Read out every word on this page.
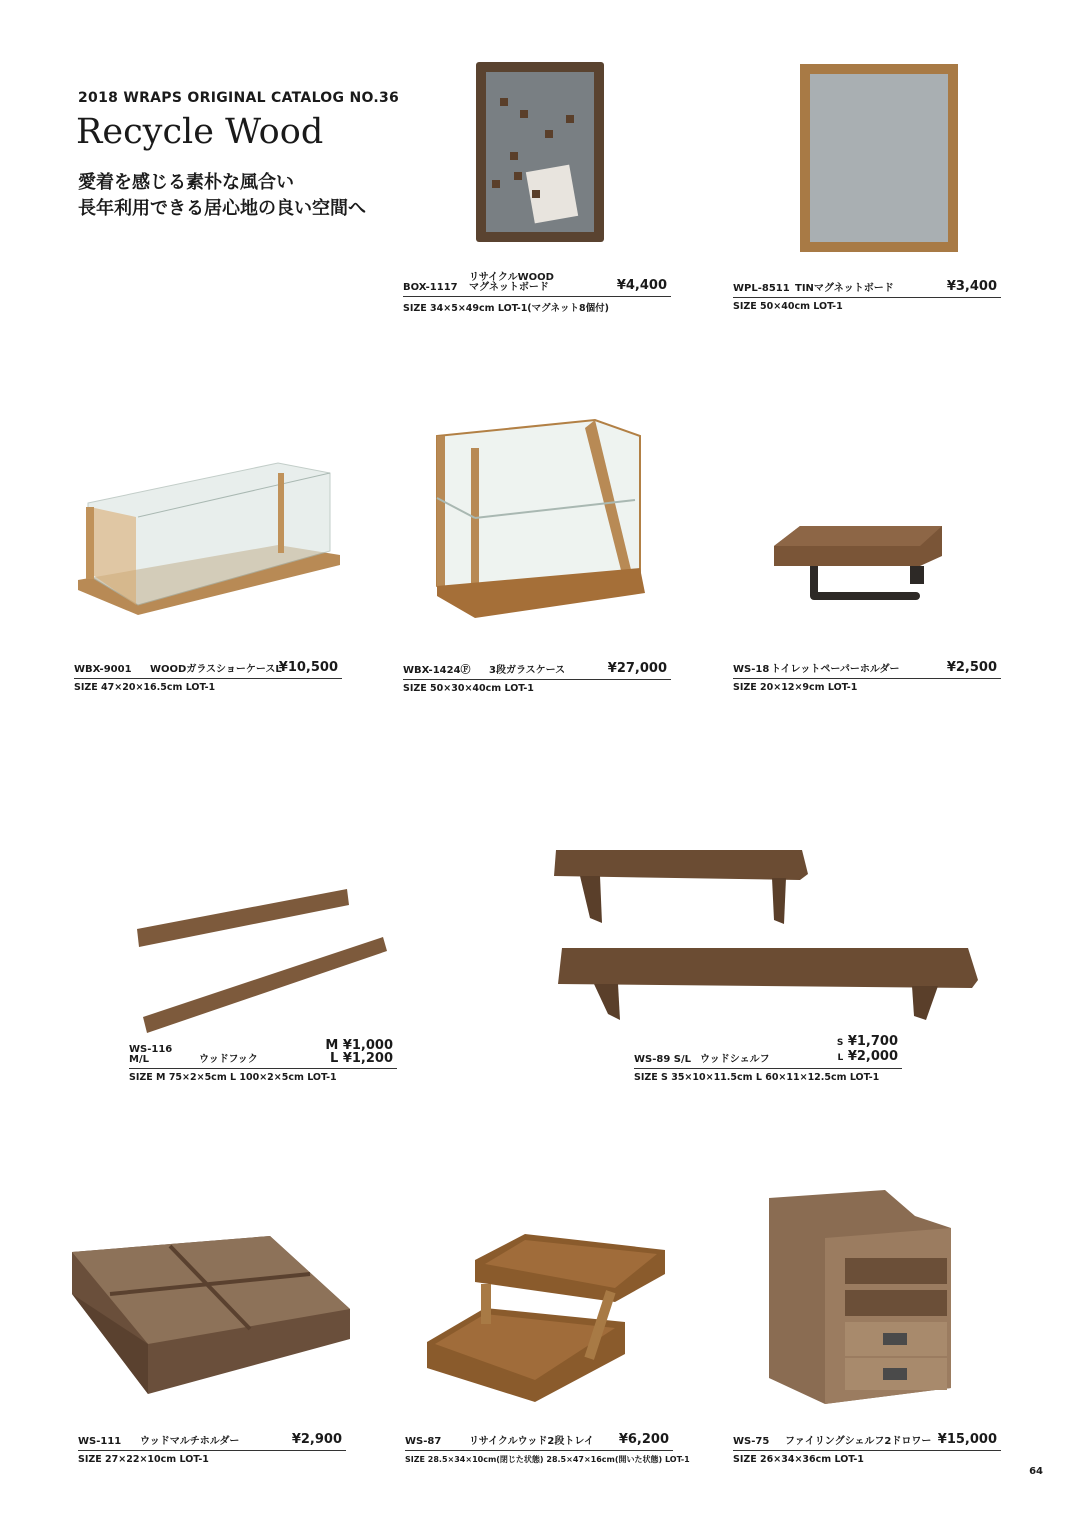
2018 WRAPS ORIGINAL CATALOG NO.36
Recycle Wood
愛着を感じる素朴な風合い
長年利用できる居心地の良い空間へ
BOX-1117
リサイクルWOOD
マグネットボード	¥4,400
SIZE 34×5×49cm LOT-1(マグネット8個付)
WPL-8511 TINマグネットボード	¥3,400
SIZE 50×40cm LOT-1
WBX-9001 WOODガラスショーケースL
¥10,500
SIZE 47×20×16.5cm LOT-1
WBX-1424Ⓕ 3段ガラスケース	¥27,000
SIZE 50×30×40cm LOT-1
WS-18 トイレットペーパーホルダー	¥2,500
SIZE 20×12×9cm LOT-1
WS-116
M/L	ウッドフック
M ¥1,000
L ¥1,200
SIZE M 75×2×5cm L 100×2×5cm LOT-1
WS-89 S/L ウッドシェルフ
S ¥1,700
L ¥2,000
SIZE S 35×10×11.5cm L 60×11×12.5cm LOT-1
WS-111 ウッドマルチホルダー	¥2,900
SIZE 27×22×10cm LOT-1
WS-87	リサイクルウッド2段トレイ ¥6,200
SIZE 28.5×34×10cm(閉じた状態) 28.5×47×16cm(開いた状態) LOT-1
WS-75 ファイリングシェルフ2ドロワー ¥15,000
SIZE 26×34×36cm LOT-1
64
